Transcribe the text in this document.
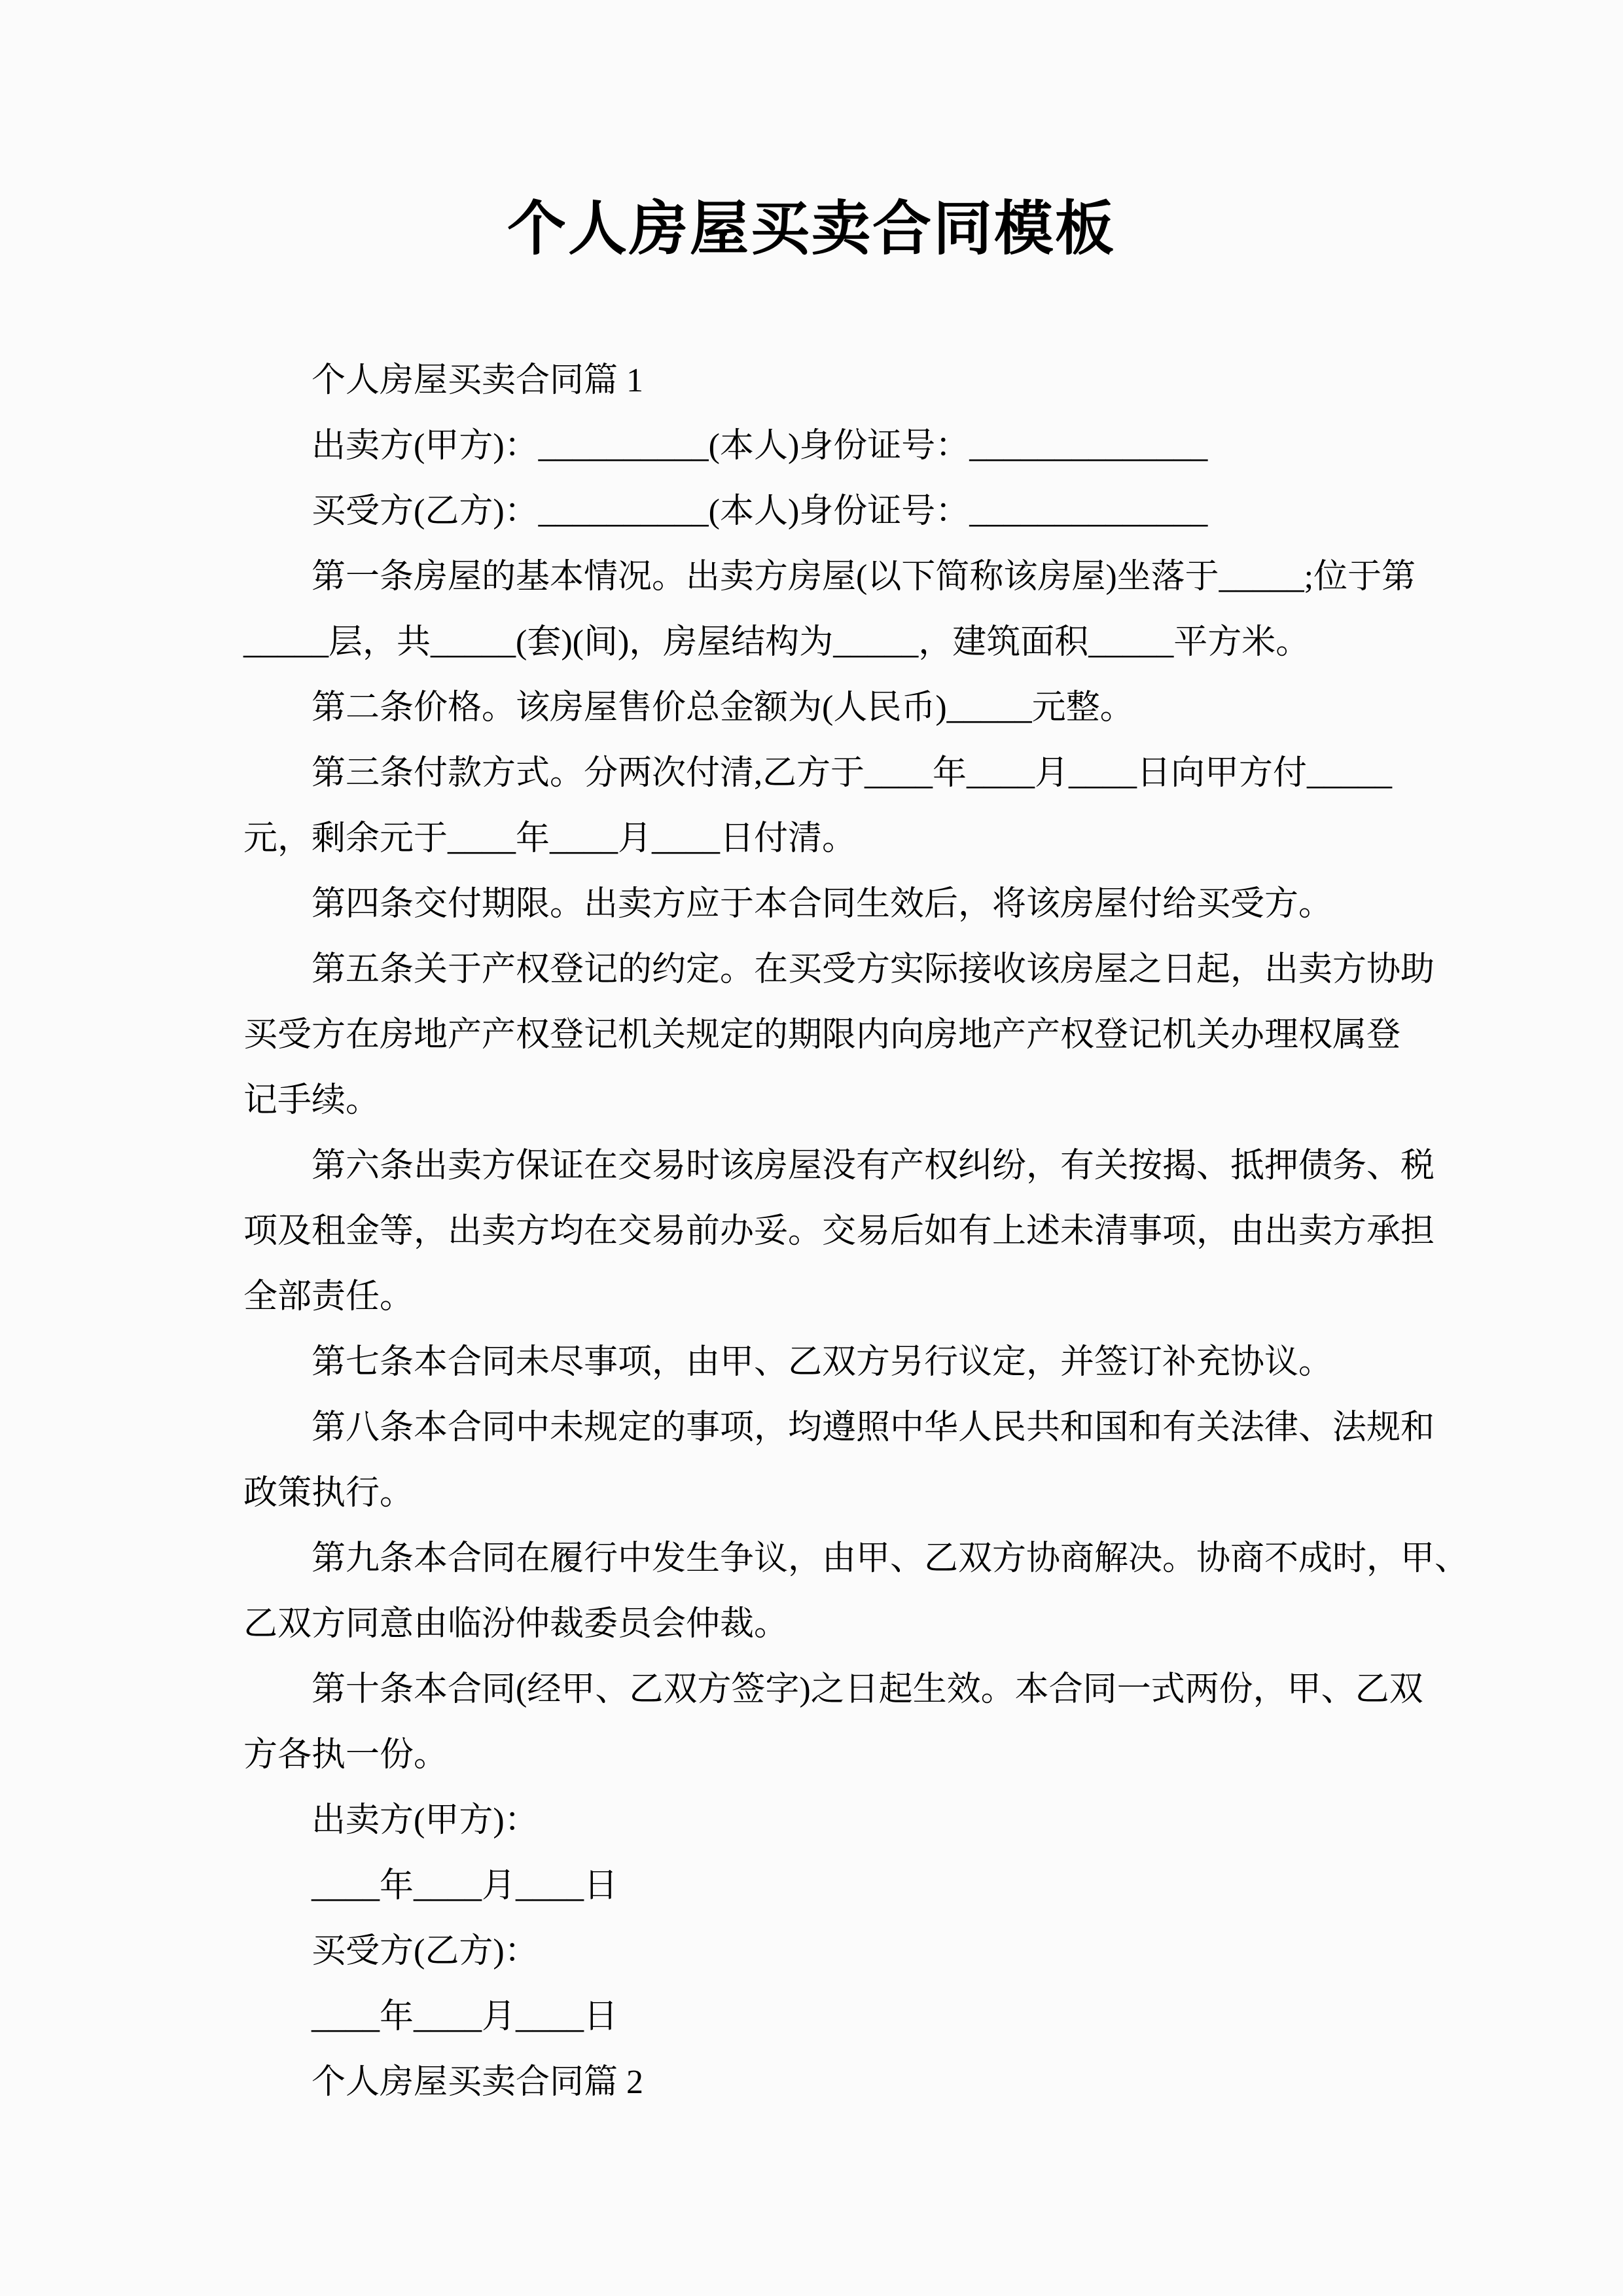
个人房屋买卖合同模板
个人房屋买卖合同篇 1
出卖方(甲方)：__________(本人)身份证号：______________
买受方(乙方)：__________(本人)身份证号：______________
第一条房屋的基本情况。出卖方房屋(以下简称该房屋)坐落于_____;位于第
_____层，共_____(套)(间)，房屋结构为_____，建筑面积_____平方米。
第二条价格。该房屋售价总金额为(人民币)_____元整。
第三条付款方式。分两次付清,乙方于____年____月____日向甲方付_____
元，剩余元于____年____月____日付清。
第四条交付期限。出卖方应于本合同生效后，将该房屋付给买受方。
第五条关于产权登记的约定。在买受方实际接收该房屋之日起，出卖方协助
买受方在房地产产权登记机关规定的期限内向房地产产权登记机关办理权属登
记手续。
第六条出卖方保证在交易时该房屋没有产权纠纷，有关按揭、抵押债务、税
项及租金等，出卖方均在交易前办妥。交易后如有上述未清事项，由出卖方承担
全部责任。
第七条本合同未尽事项，由甲、乙双方另行议定，并签订补充协议。
第八条本合同中未规定的事项，均遵照中华人民共和国和有关法律、法规和
政策执行。
第九条本合同在履行中发生争议，由甲、乙双方协商解决。协商不成时，甲、
乙双方同意由临汾仲裁委员会仲裁。
第十条本合同(经甲、乙双方签字)之日起生效。本合同一式两份，甲、乙双
方各执一份。
出卖方(甲方)：
____年____月____日
买受方(乙方)：
____年____月____日
个人房屋买卖合同篇 2
